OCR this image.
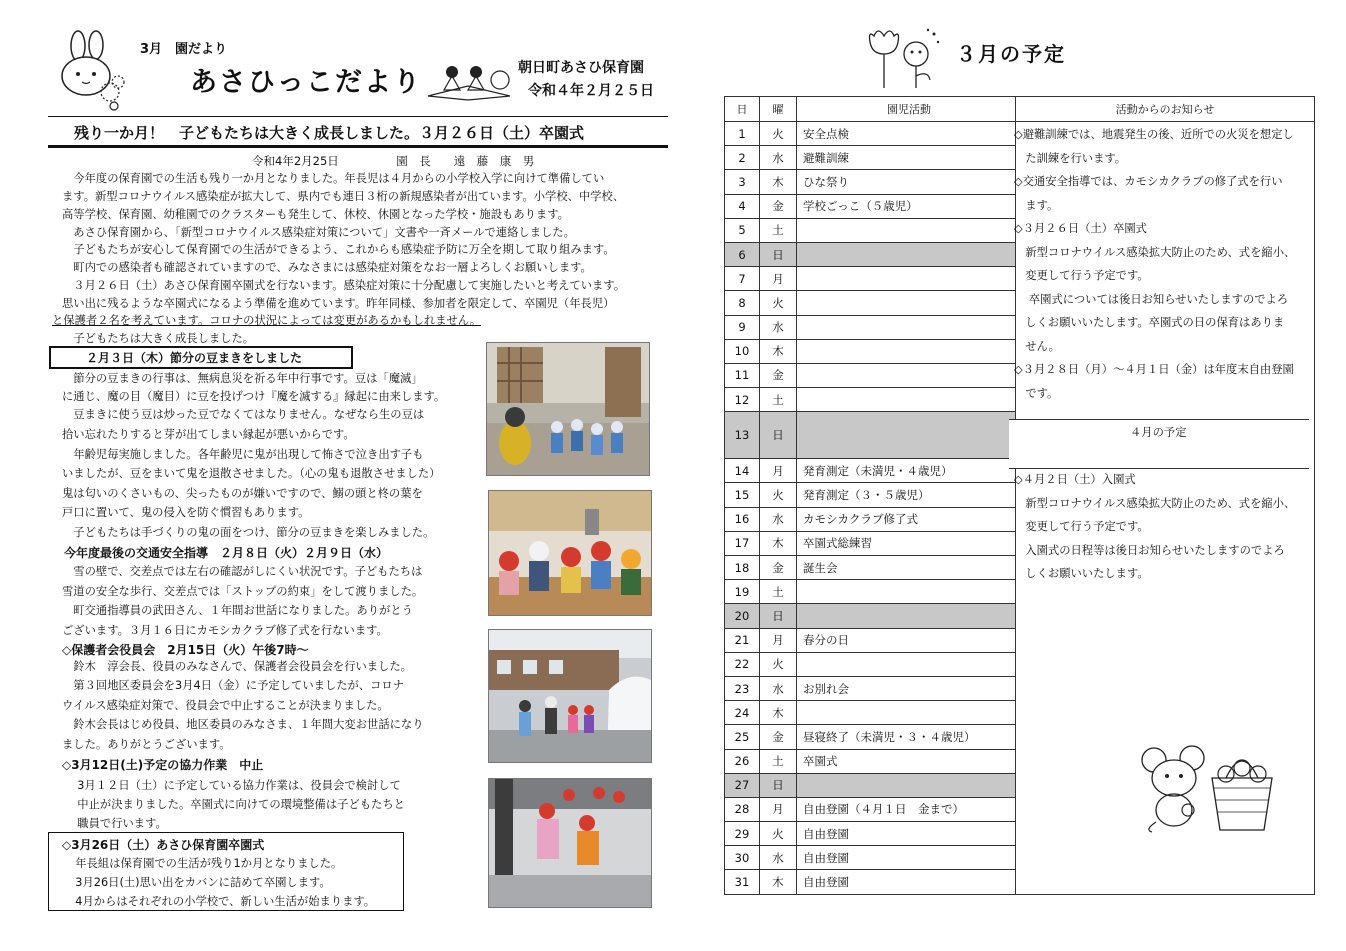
3月　園だより
あさひっこだより	朝日町あさひ保育園
令和４年２月２５日
残り一か月！　子どもたちは大きく成長しました。３月２６日（土）卒園式
令和4年2月25日　　　　　園　長　　遠　藤　康　男
　今年度の保育園での生活も残り一か月となりました。年長児は４月からの小学校入学に向けて準備してい
ます。新型コロナウイルス感染症が拡大して、県内でも連日３桁の新規感染者が出ています。小学校、中学校、
高等学校、保育園、幼稚園でのクラスターも発生して、休校、休園となった学校・施設もあります。
　あさひ保育園から、「新型コロナウイルス感染症対策について」文書や一斉メールで連絡しました。
　子どもたちが安心して保育園での生活ができるよう、これからも感染症予防に万全を期して取り組みます。
　町内での感染者も確認されていますので、みなさまには感染症対策をなお一層よろしくお願いします。
　３月２６日（土）あさひ保育園卒園式を行ないます。感染症対策に十分配慮して実施したいと考えています。
思い出に残るような卒園式になるよう準備を進めています。昨年同様、参加者を限定して、卒園児（年長児）
と保護者２名を考えています。コロナの状況によっては変更があるかもしれません。
　子どもたちは大きく成長しました。
２月３日（木）節分の豆まきをしました
　節分の豆まきの行事は、無病息災を祈る年中行事です。豆は「魔滅」
に通じ、魔の目（魔目）に豆を投げつけ『魔を滅する』縁起に由来します。
　豆まきに使う豆は炒った豆でなくてはなりません。なぜなら生の豆は
拾い忘れたりすると芽が出てしまい縁起が悪いからです。
　年齢児毎実施しました。各年齢児に鬼が出現して怖さで泣き出す子も
いましたが、豆をまいて鬼を退散させました。（心の鬼も退散させました）
鬼は匂いのくさいもの、尖ったものが嫌いですので、鰯の頭と柊の葉を
戸口に置いて、鬼の侵入を防ぐ慣習もあります。
　子どもたちは手づくりの鬼の面をつけ、節分の豆まきを楽しみました。
今年度最後の交通安全指導　２月８日（火）２月９日（水）
　雪の壁で、交差点では左右の確認がしにくい状況です。子どもたちは
雪道の安全な歩行、交差点では「ストップの約束」をして渡りました。
　町交通指導員の武田さん、１年間お世話になりました。ありがとう
ございます。３月１６日にカモシカクラブ修了式を行ないます。
◇保護者会役員会　2月15日（火）午後7時～
　鈴木　淳会長、役員のみなさんで、保護者会役員会を行いました。
　第３回地区委員会を3月4日（金）に予定していましたが、コロナ
ウイルス感染症対策で、役員会で中止することが決まりました。
　鈴木会長はじめ役員、地区委員のみなさま、１年間大変お世話になり
ました。ありがとうございます。
◇3月12日(土)予定の協力作業　中止
　3月１２日（土）に予定している協力作業は、役員会で検討して
　中止が決まりました。卒園式に向けての環境整備は子どもたちと
　職員で行います。
◇3月26日（土）あさひ保育園卒園式
　年長組は保育園での生活が残り1か月となりました。
　3月26日(土)思い出をカバンに詰めて卒園します。
　4月からはそれぞれの小学校で、新しい生活が始まります。
３月の予定
日	曜	園児活動	活動からのお知らせ
1	火	安全点検	
2	水	避難訓練	
3	木	ひな祭り	
4	金	学校ごっこ（５歳児）	
5	土		
6	日		
7	月		
8	火		
9	水		
10	木		
11	金		
12	土		
13	日		
14	月	発育測定（未満児・４歳児）	
15	火	発育測定（３・５歳児）	
16	水	カモシカクラブ修了式	
17	木	卒園式総練習	
18	金	誕生会	
19	土		
20	日		
21	月	春分の日	
22	火		
23	水	お別れ会	
24	木		
25	金	昼寝終了（未満児・３・４歳児）	
26	土	卒園式	
27	日		
28	月	自由登園（４月１日　金まで）	
29	火	自由登園	
30	水	自由登園	
31	木	自由登園	
◇避難訓練では、地震発生の後、近所での火災を想定し
　た訓練を行います。
◇交通安全指導では、カモシカクラブの修了式を行い
　ます。
◇３月２６日（土）卒園式
　新型コロナウイルス感染拡大防止のため、式を縮小、
　変更して行う予定です。
　 卒園式については後日お知らせいたしますのでよろ
　しくお願いいたします。卒園式の日の保育はありま
　せん。
◇３月２８日（月）～４月１日（金）は年度末自由登園
　です。
４月の予定
◇４月２日（土）入園式
　新型コロナウイルス感染拡大防止のため、式を縮小、
　変更して行う予定です。
　入園式の日程等は後日お知らせいたしますのでよろ
　しくお願いいたします。
